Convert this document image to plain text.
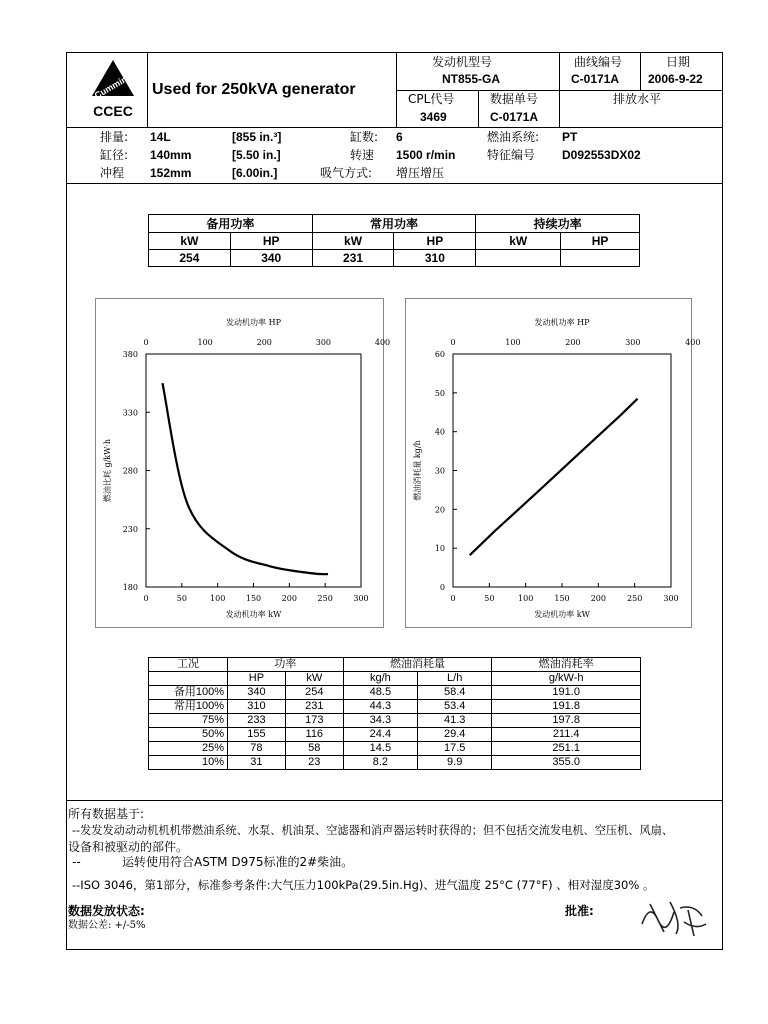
Cummins
CCEC
Used for 250kVA generator
发动机型号
NT855-GA
曲线编号
C-0171A
日期
2006-9-22
CPL代号
3469
数据单号
C-0171A
排放水平
排量: 14L	[855 in.³]	缸数: 6	燃油系统: PT
缸径: 140mm	[5.50 in.]	转速 1500 r/min	特征编号 D092553DX02
冲程 152mm	[6.00in.]	吸气方式: 增压增压
备用功率		常用功率		持续功率	
kW	HP	kW	HP	kW	HP
254	340	231	310		
发动机功率 HP
0	100	200	300	400
0	50	100	150	200	250	300
180
230
280
330
380
发动机功率 kW
燃油比耗 g/kW·h
发动机功率 HP
0	100	200	300	400
0	50	100	150	200	250	300
0
10
20
30
40
50
60
发动机功率 kW
燃油消耗量 kg/h
工况	功率		燃油消耗量		燃油消耗率
	HP	kW	kg/h	L/h	g/kW-h
备用100%	340	254	48.5	58.4	191.0
常用100%	310	231	44.3	53.4	191.8
75%	233	173	34.3	41.3	197.8
50%	155	116	24.4	29.4	211.4
25%	78	58	14.5	17.5	251.1
10%	31	23	8.2	9.9	355.0
所有数据基于:
--发发发动动动机机机带燃油系统、水泵、机油泵、空滤器和消声器运转时获得的；但不包括交流发电机、空压机、风扇、
设备和被驱动的部件。
--	运转使用符合ASTM D975标准的2#柴油。
--ISO 3046，第1部分，标准参考条件:大气压力100kPa(29.5in.Hg)、进气温度 25°C (77°F) 、相对湿度30% 。
数据发放状态:	批准:
数据公差: +/-5%
